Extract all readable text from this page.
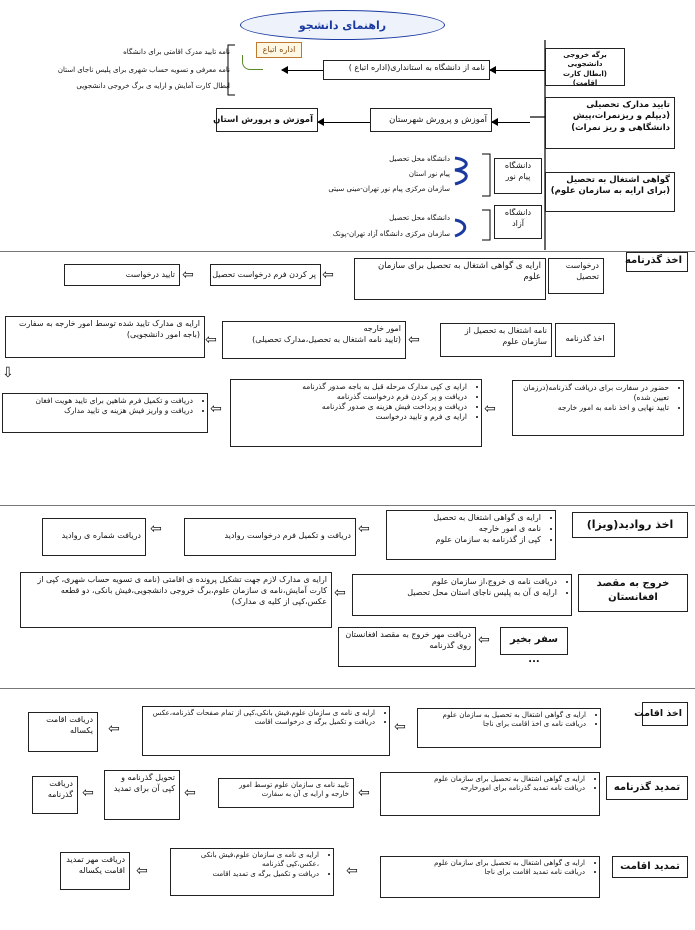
راهنمای دانشجو
برگه خروجی دانشجویی
(ابطال کارت اقامت)
نامه از دانشگاه به استانداری(اداره اتباع )
اداره اتباع
نامه تایید مدرک اقامتی برای دانشگاه
نامه معرفی و تسویه حساب شهری برای پلیس ناجای استان
ابطال کارت آمایش و ارایه ی برگ خروجی دانشجویی
تایید مدارک تحصیلی
(دیپلم و ریزنمرات،پیش دانشگاهی و ریز نمرات)
آموزش و پرورش شهرستان
آموزش و پرورش استان
گواهی اشتغال به تحصیل
(برای ارایه به سازمان علوم)
دانشگاه پیام نور
دانشگاه محل تحصیل
پیام نور استان
سازمان مرکزی پیام نور تهران-مینی سیتی
دانشگاه آزاد
دانشگاه محل تحصیل
سازمان مرکزی دانشگاه آزاد تهران-پونک
اخذ گذرنامه
درخواست تحصیل
ارایه ی گواهی اشتغال به تحصیل برای سازمان علوم
⇦
پر کردن فرم درخواست تحصیل
⇦
تایید درخواست
اخذ گذرنامه
نامه اشتغال به تحصیل از سازمان علوم
⇦
امور خارجه
(تایید نامه اشتغال به تحصیل،مدارک تحصیلی)
⇦
ارایه ی مدارک تایید شده توسط امور خارجه به سفارت (باجه امور دانشجویی)
⇩
• حضور در سفارت برای دریافت گذرنامه(درزمان تعیین شده)
• تایید نهایی و اخذ نامه به امور خارجه
⇦
• ارایه ی کپی مدارک مرحله قبل به باجه صدور گذرنامه
• دریافت و پر کردن فرم درخواست گذرنامه
• دریافت و پرداخت فیش هزینه ی صدور گذرنامه
• ارایه ی فرم و تایید درخواست
⇦
• دریافت و تکمیل فرم شاهین برای تایید هویت افغان
• دریافت و واریز فیش هزینه ی تایید مدارک
اخذ روادید(ویزا)
• ارایه ی گواهی اشتغال به تحصیل
• نامه ی امور خارجه
• کپی از گذرنامه به سازمان علوم
⇦
دریافت و تکمیل فرم درخواست روادید
⇦
دریافت شماره ی روادید
خروج به مقصد افغانستان
• دریافت نامه ی خروج،از سازمان علوم
• ارایه ی آن به پلیس ناجای استان محل تحصیل
⇦
ارایه ی مدارک لازم جهت تشکیل پرونده ی اقامتی (نامه ی تسویه حساب شهری، کپی از کارت آمایش،نامه ی سازمان علوم،برگ خروجی دانشجویی،فیش بانکی، دو قطعه عکس،کپی از کلیه ی مدارک)
سفر بخیر ...
⇦
دریافت مهر خروج به مقصد افغانستان روی گذرنامه
اخذ اقامت
• ارایه ی گواهی اشتغال به تحصیل به سازمان علوم
• دریافت نامه ی اخذ اقامت برای ناجا
⇦
• ارایه ی نامه ی سازمان علوم،فیش بانکی،کپی از تمام صفحات گذرنامه،عکس
• دریافت و تکمیل برگه ی درخواست اقامت
⇦
دریافت اقامت یکساله
تمدید گذرنامه
• ارایه ی گواهی اشتغال به تحصیل برای سازمان علوم
• دریافت نامه تمدید گذرنامه برای امورخارجه
⇦
تایید نامه ی سازمان علوم توسط امور خارجه و ارایه ی آن به سفارت
⇦
تحویل گذرنامه و کپی آن برای تمدید
⇦
دریافت گذرنامه
تمدید اقامت
• ارایه ی گواهی اشتغال به تحصیل برای سازمان علوم
• دریافت نامه تمدید اقامت برای ناجا
⇦
• ارایه ی نامه ی سازمان علوم،فیش بانکی ،عکس،کپی گذرنامه
• دریافت و تکمیل برگه ی تمدید اقامت
⇦
دریافت مهر تمدید اقامت یکساله
